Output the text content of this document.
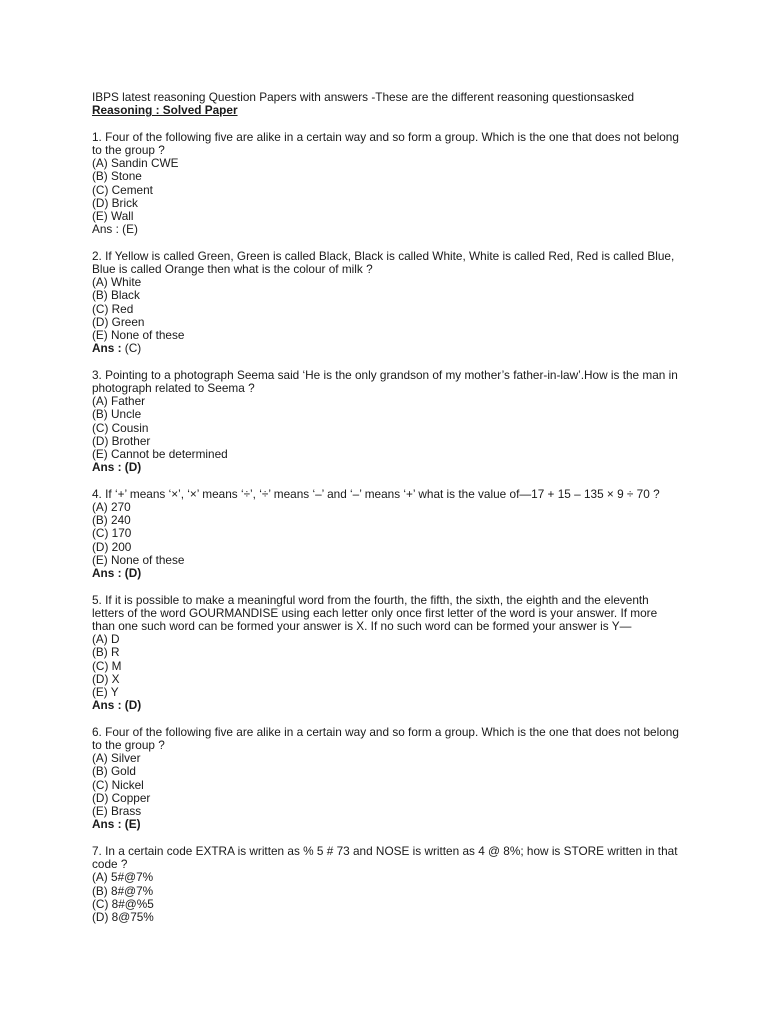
IBPS latest reasoning Question Papers with answers -These are the different reasoning questionsasked
Reasoning : Solved Paper
1. Four of the following five are alike in a certain way and so form a group. Which is the one that does not belong to the group ?
(A) Sandin CWE
(B) Stone
(C) Cement
(D) Brick
(E) Wall
Ans : (E)
2. If Yellow is called Green, Green is called Black, Black is called White, White is called Red, Red is called Blue, Blue is called Orange then what is the colour of milk ?
(A) White
(B) Black
(C) Red
(D) Green
(E) None of these
Ans : (C)
3. Pointing to a photograph Seema said ‘He is the only grandson of my mother’s father-in-law’.How is the man in photograph related to Seema ?
(A) Father
(B) Uncle
(C) Cousin
(D) Brother
(E) Cannot be determined
Ans : (D)
4. If ‘+’ means ‘×’, ‘×’ means ‘÷’, ‘÷’ means ‘–’ and ‘–’ means ‘+’ what is the value of—17 + 15 – 135 × 9 ÷ 70 ?
(A) 270
(B) 240
(C) 170
(D) 200
(E) None of these
Ans : (D)
5. If it is possible to make a meaningful word from the fourth, the fifth, the sixth, the eighth and the eleventh letters of the word GOURMANDISE using each letter only once first letter of the word is your answer. If more than one such word can be formed your answer is X. If no such word can be formed your answer is Y—
(A) D
(B) R
(C) M
(D) X
(E) Y
Ans : (D)
6. Four of the following five are alike in a certain way and so form a group. Which is the one that does not belong to the group ?
(A) Silver
(B) Gold
(C) Nickel
(D) Copper
(E) Brass
Ans : (E)
7. In a certain code EXTRA is written as % 5 # 73 and NOSE is written as 4 @ 8%; how is STORE written in that code ?
(A) 5#@7%
(B) 8#@7%
(C) 8#@%5
(D) 8@75%
